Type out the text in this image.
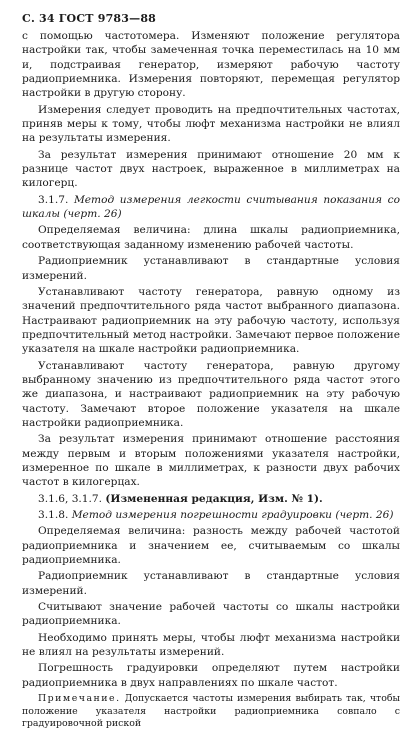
С. 34 ГОСТ 9783—88

с помощью частотомера. Изменяют положение регулятора настройки так, чтобы замеченная точка переместилась на 10 мм и, подстраивая генератор, измеряют рабочую частоту радиоприемника. Измерения повторяют, перемещая регулятор настройки в другую сторону.

Измерения следует проводить на предпочтительных частотах, приняв меры к тому, чтобы люфт механизма настройки не влиял на результаты измерения.

За результат измерения принимают отношение 20 мм к разнице частот двух настроек, выраженное в миллиметрах на килогерц.

3.1.7. Метод измерения легкости считывания показания со шкалы (черт. 26)

Определяемая величина: длина шкалы радиоприемника, соответствующая заданному изменению рабочей частоты.

Радиоприемник устанавливают в стандартные условия измерений.

Устанавливают частоту генератора, равную одному из значений предпочтительного ряда частот выбранного диапазона. Настраивают радиоприемник на эту рабочую частоту, используя предпочтительный метод настройки. Замечают первое положение указателя на шкале настройки радиоприемника.

Устанавливают частоту генератора, равную другому выбранному значению из предпочтительного ряда частот этого же диапазона, и настраивают радиоприемник на эту рабочую частоту. Замечают второе положение указателя на шкале настройки радиоприемника.

За результат измерения принимают отношение расстояния между первым и вторым положениями указателя настройки, измеренное по шкале в миллиметрах, к разности двух рабочих частот в килогерцах.

3.1.6, 3.1.7. (Измененная редакция, Изм. № 1).

3.1.8. Метод измерения погрешности градуировки (черт. 26)

Определяемая величина: разность между рабочей частотой радиоприемника и значением ее, считываемым со шкалы радиоприемника.

Радиоприемник устанавливают в стандартные условия измерений.

Считывают значение рабочей частоты со шкалы настройки радиоприемника.

Необходимо принять меры, чтобы люфт механизма настройки не влиял на результаты измерений.

Погрешность градуировки определяют путем настройки радиоприемника в двух направлениях по шкале частот.

Примечание. Допускается частоты измерения выбирать так, чтобы положение указателя настройки радиоприемника совпало с градуировочной риской
